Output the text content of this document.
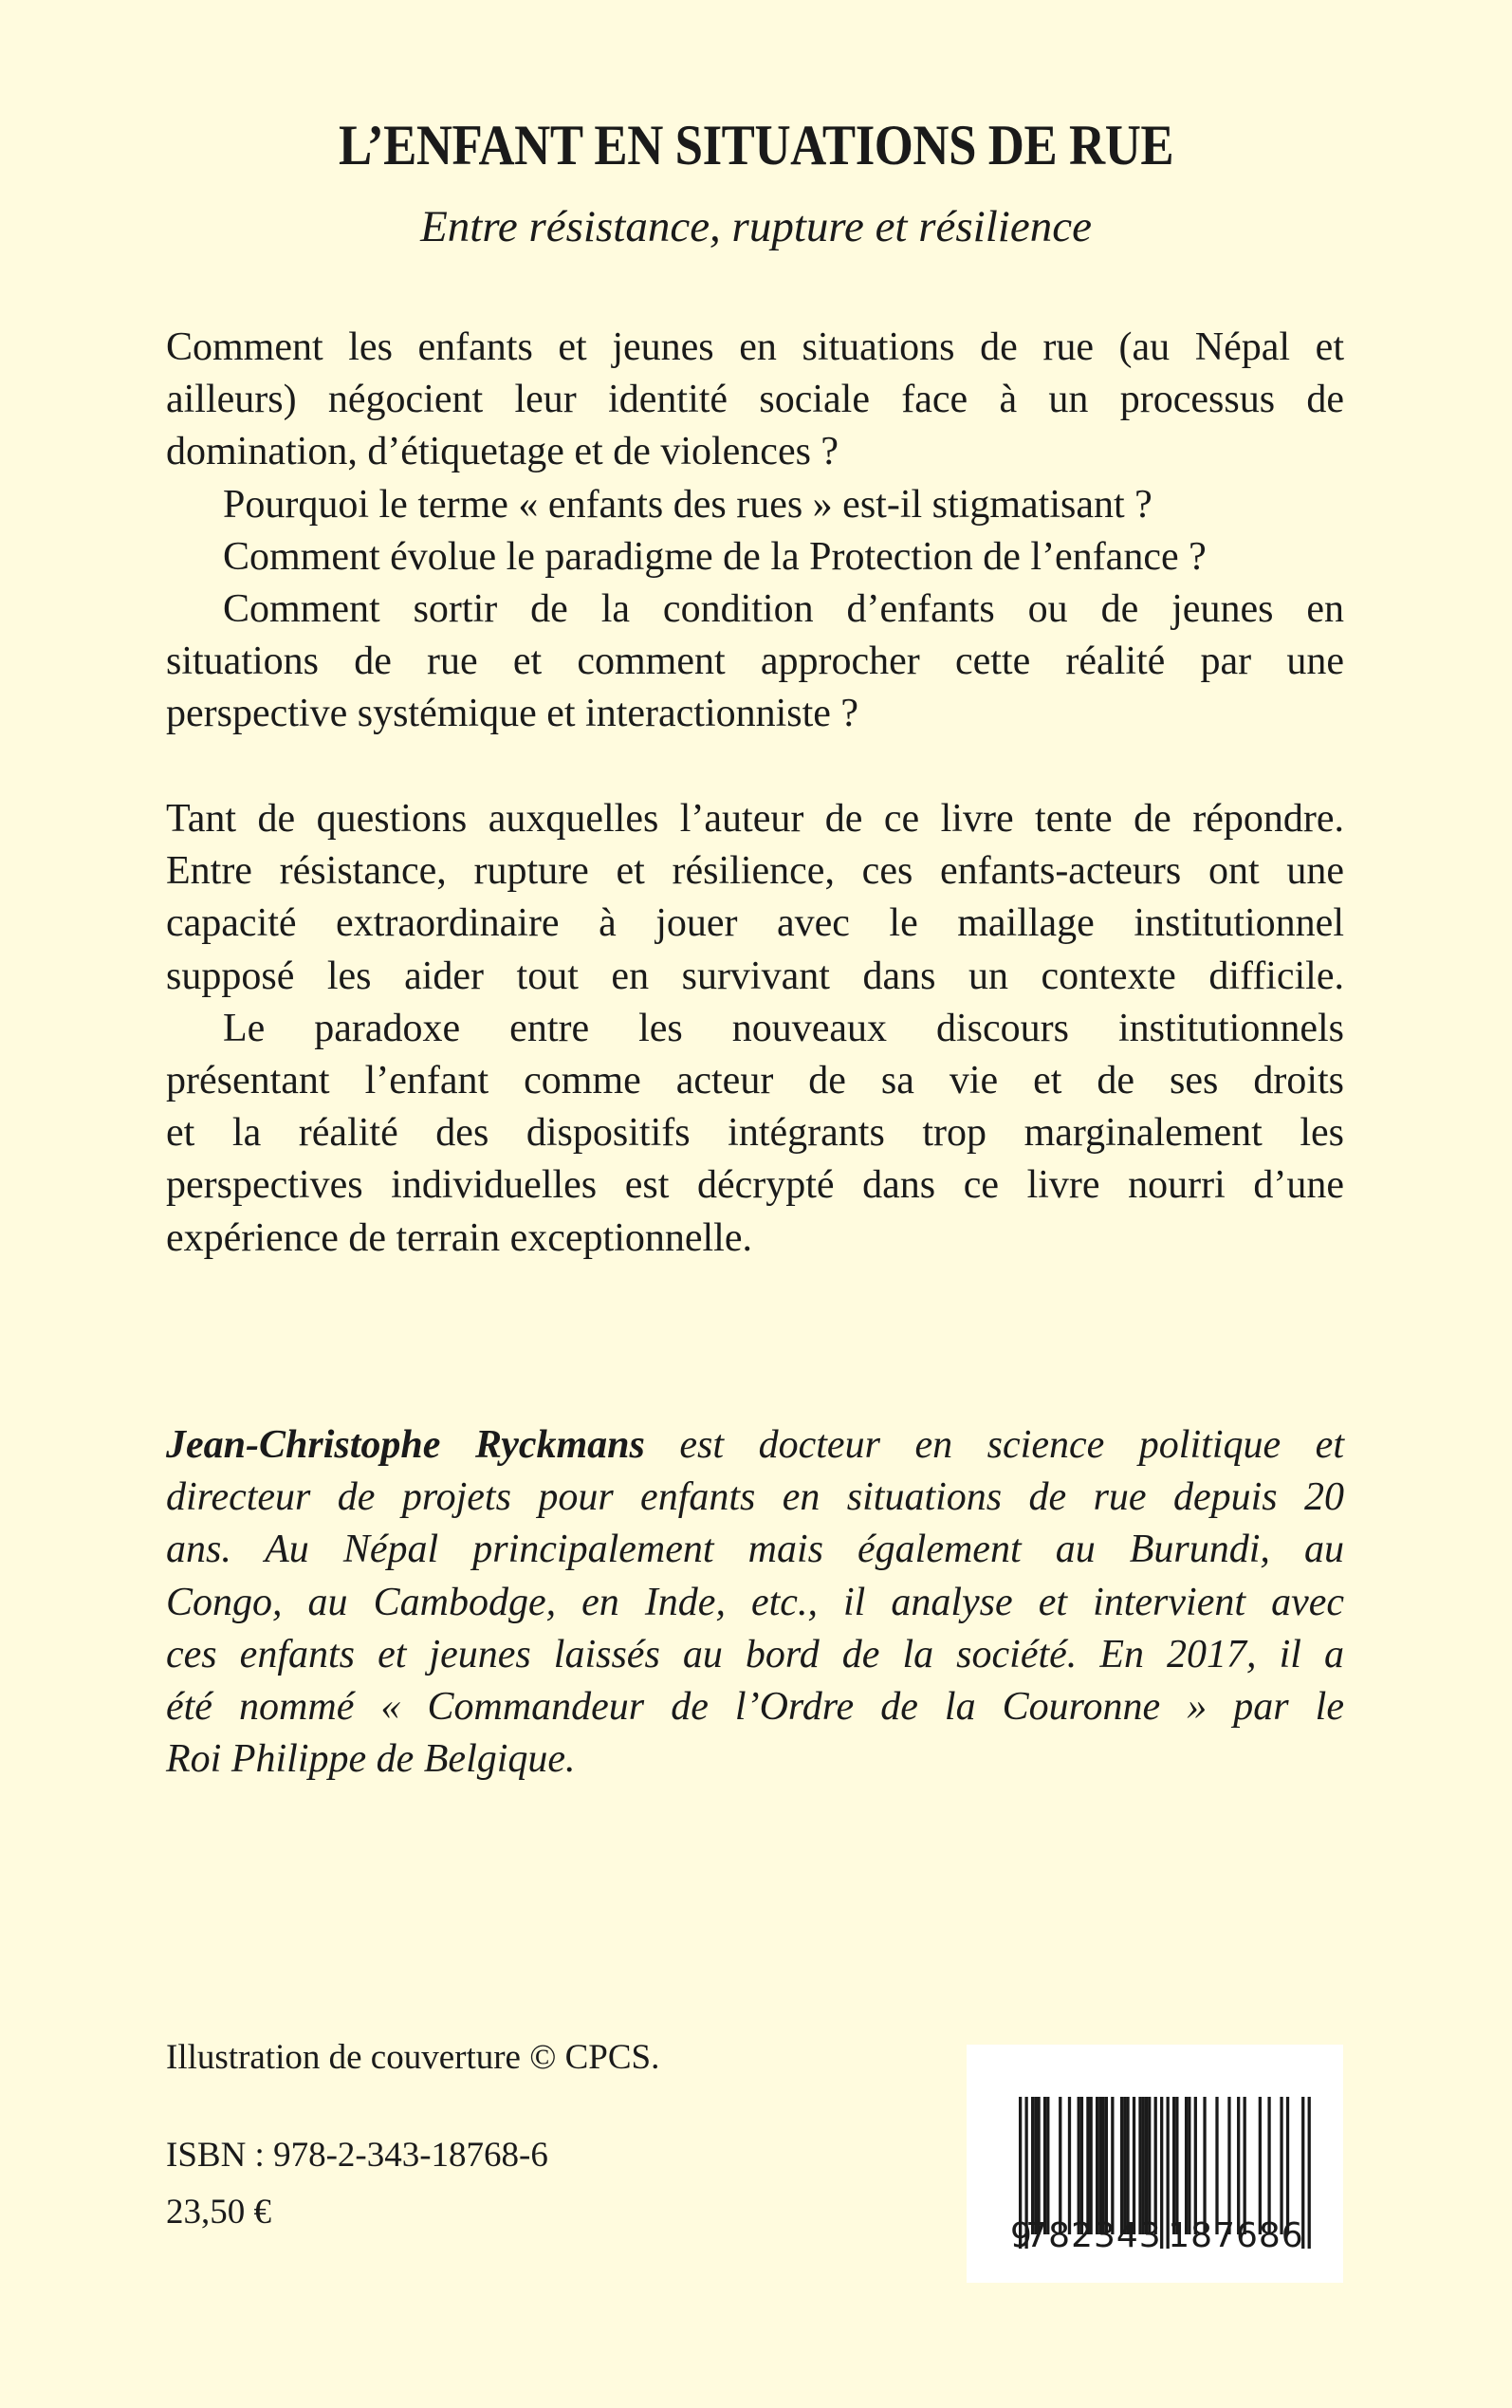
L’ENFANT EN SITUATIONS DE RUE
Entre résistance, rupture et résilience
Comment les enfants et jeunes en situations de rue (au Népal et
ailleurs) négocient leur identité sociale face à un processus de
domination, d’étiquetage et de violences ?
Pourquoi le terme « enfants des rues » est-il stigmatisant ?
Comment évolue le paradigme de la Protection de l’enfance ?
Comment sortir de la condition d’enfants ou de jeunes en
situations de rue et comment approcher cette réalité par une
perspective systémique et interactionniste ?
Tant de questions auxquelles l’auteur de ce livre tente de répondre.
Entre résistance, rupture et résilience, ces enfants-acteurs ont une
capacité extraordinaire à jouer avec le maillage institutionnel
supposé les aider tout en survivant dans un contexte difficile.
Le paradoxe entre les nouveaux discours institutionnels
présentant l’enfant comme acteur de sa vie et de ses droits
et la réalité des dispositifs intégrants trop marginalement les
perspectives individuelles est décrypté dans ce livre nourri d’une
expérience de terrain exceptionnelle.
Jean-Christophe Ryckmans est docteur en science politique et
directeur de projets pour enfants en situations de rue depuis 20
ans. Au Népal principalement mais également au Burundi, au
Congo, au Cambodge, en Inde, etc., il analyse et intervient avec
ces enfants et jeunes laissés au bord de la société. En 2017, il a
été nommé « Commandeur de l’Ordre de la Couronne » par le
Roi Philippe de Belgique.
Illustration de couverture © CPCS.
ISBN : 978-2-343-18768-6
23,50 €
9
782343 187686
